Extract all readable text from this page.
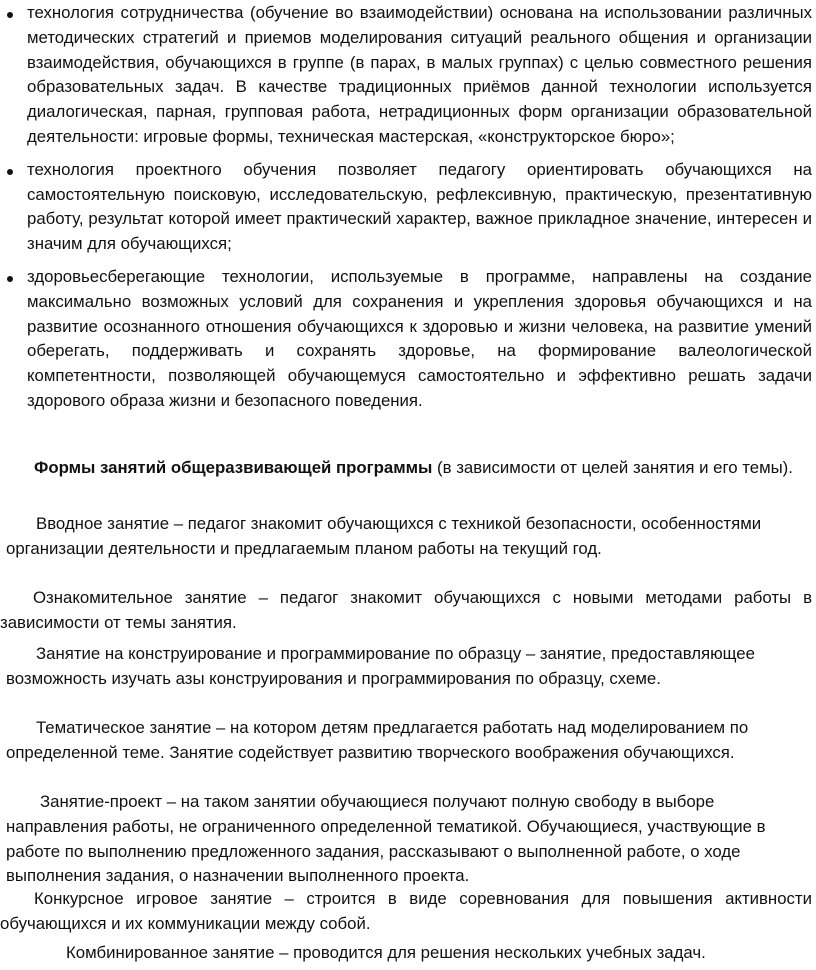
технология сотрудничества (обучение во взаимодействии) основана на использовании различных методических стратегий и приемов моделирования ситуаций реального общения и организации взаимодействия, обучающихся в группе (в парах, в малых группах) с целью совместного решения образовательных задач. В качестве традиционных приёмов данной технологии используется диалогическая, парная, групповая работа, нетрадиционных форм организации образовательной деятельности: игровые формы, техническая мастерская, «конструкторское бюро»;
технология проектного обучения позволяет педагогу ориентировать обучающихся на самостоятельную поисковую, исследовательскую, рефлексивную, практическую, презентативную работу, результат которой имеет практический характер, важное прикладное значение, интересен и значим для обучающихся;
здоровьесберегающие технологии, используемые в программе, направлены на создание максимально возможных условий для сохранения и укрепления здоровья обучающихся и на развитие осознанного отношения обучающихся к здоровью и жизни человека, на развитие умений оберегать, поддерживать и сохранять здоровье, на формирование валеологической компетентности, позволяющей обучающемуся самостоятельно и эффективно решать задачи здорового образа жизни и безопасного поведения.
Формы занятий общеразвивающей программы (в зависимости от целей занятия и его темы).
Вводное занятие – педагог знакомит обучающихся с техникой безопасности, особенностями организации деятельности и предлагаемым планом работы на текущий год.
Ознакомительное занятие – педагог знакомит обучающихся с новыми методами работы в зависимости от темы занятия.
Занятие на конструирование и программирование по образцу – занятие, предоставляющее возможность изучать азы конструирования и программирования по образцу, схеме.
Тематическое занятие – на котором детям предлагается работать над моделированием по определенной теме. Занятие содействует развитию творческого воображения обучающихся.
Занятие-проект – на таком занятии обучающиеся получают полную свободу в выборе направления работы, не ограниченного определенной тематикой. Обучающиеся, участвующие в работе по выполнению предложенного задания, рассказывают о выполненной работе, о ходе выполнения задания, о назначении выполненного проекта.
Конкурсное игровое занятие – строится в виде соревнования для повышения активности обучающихся и их коммуникации между собой.
Комбинированное занятие – проводится для решения нескольких учебных задач.
